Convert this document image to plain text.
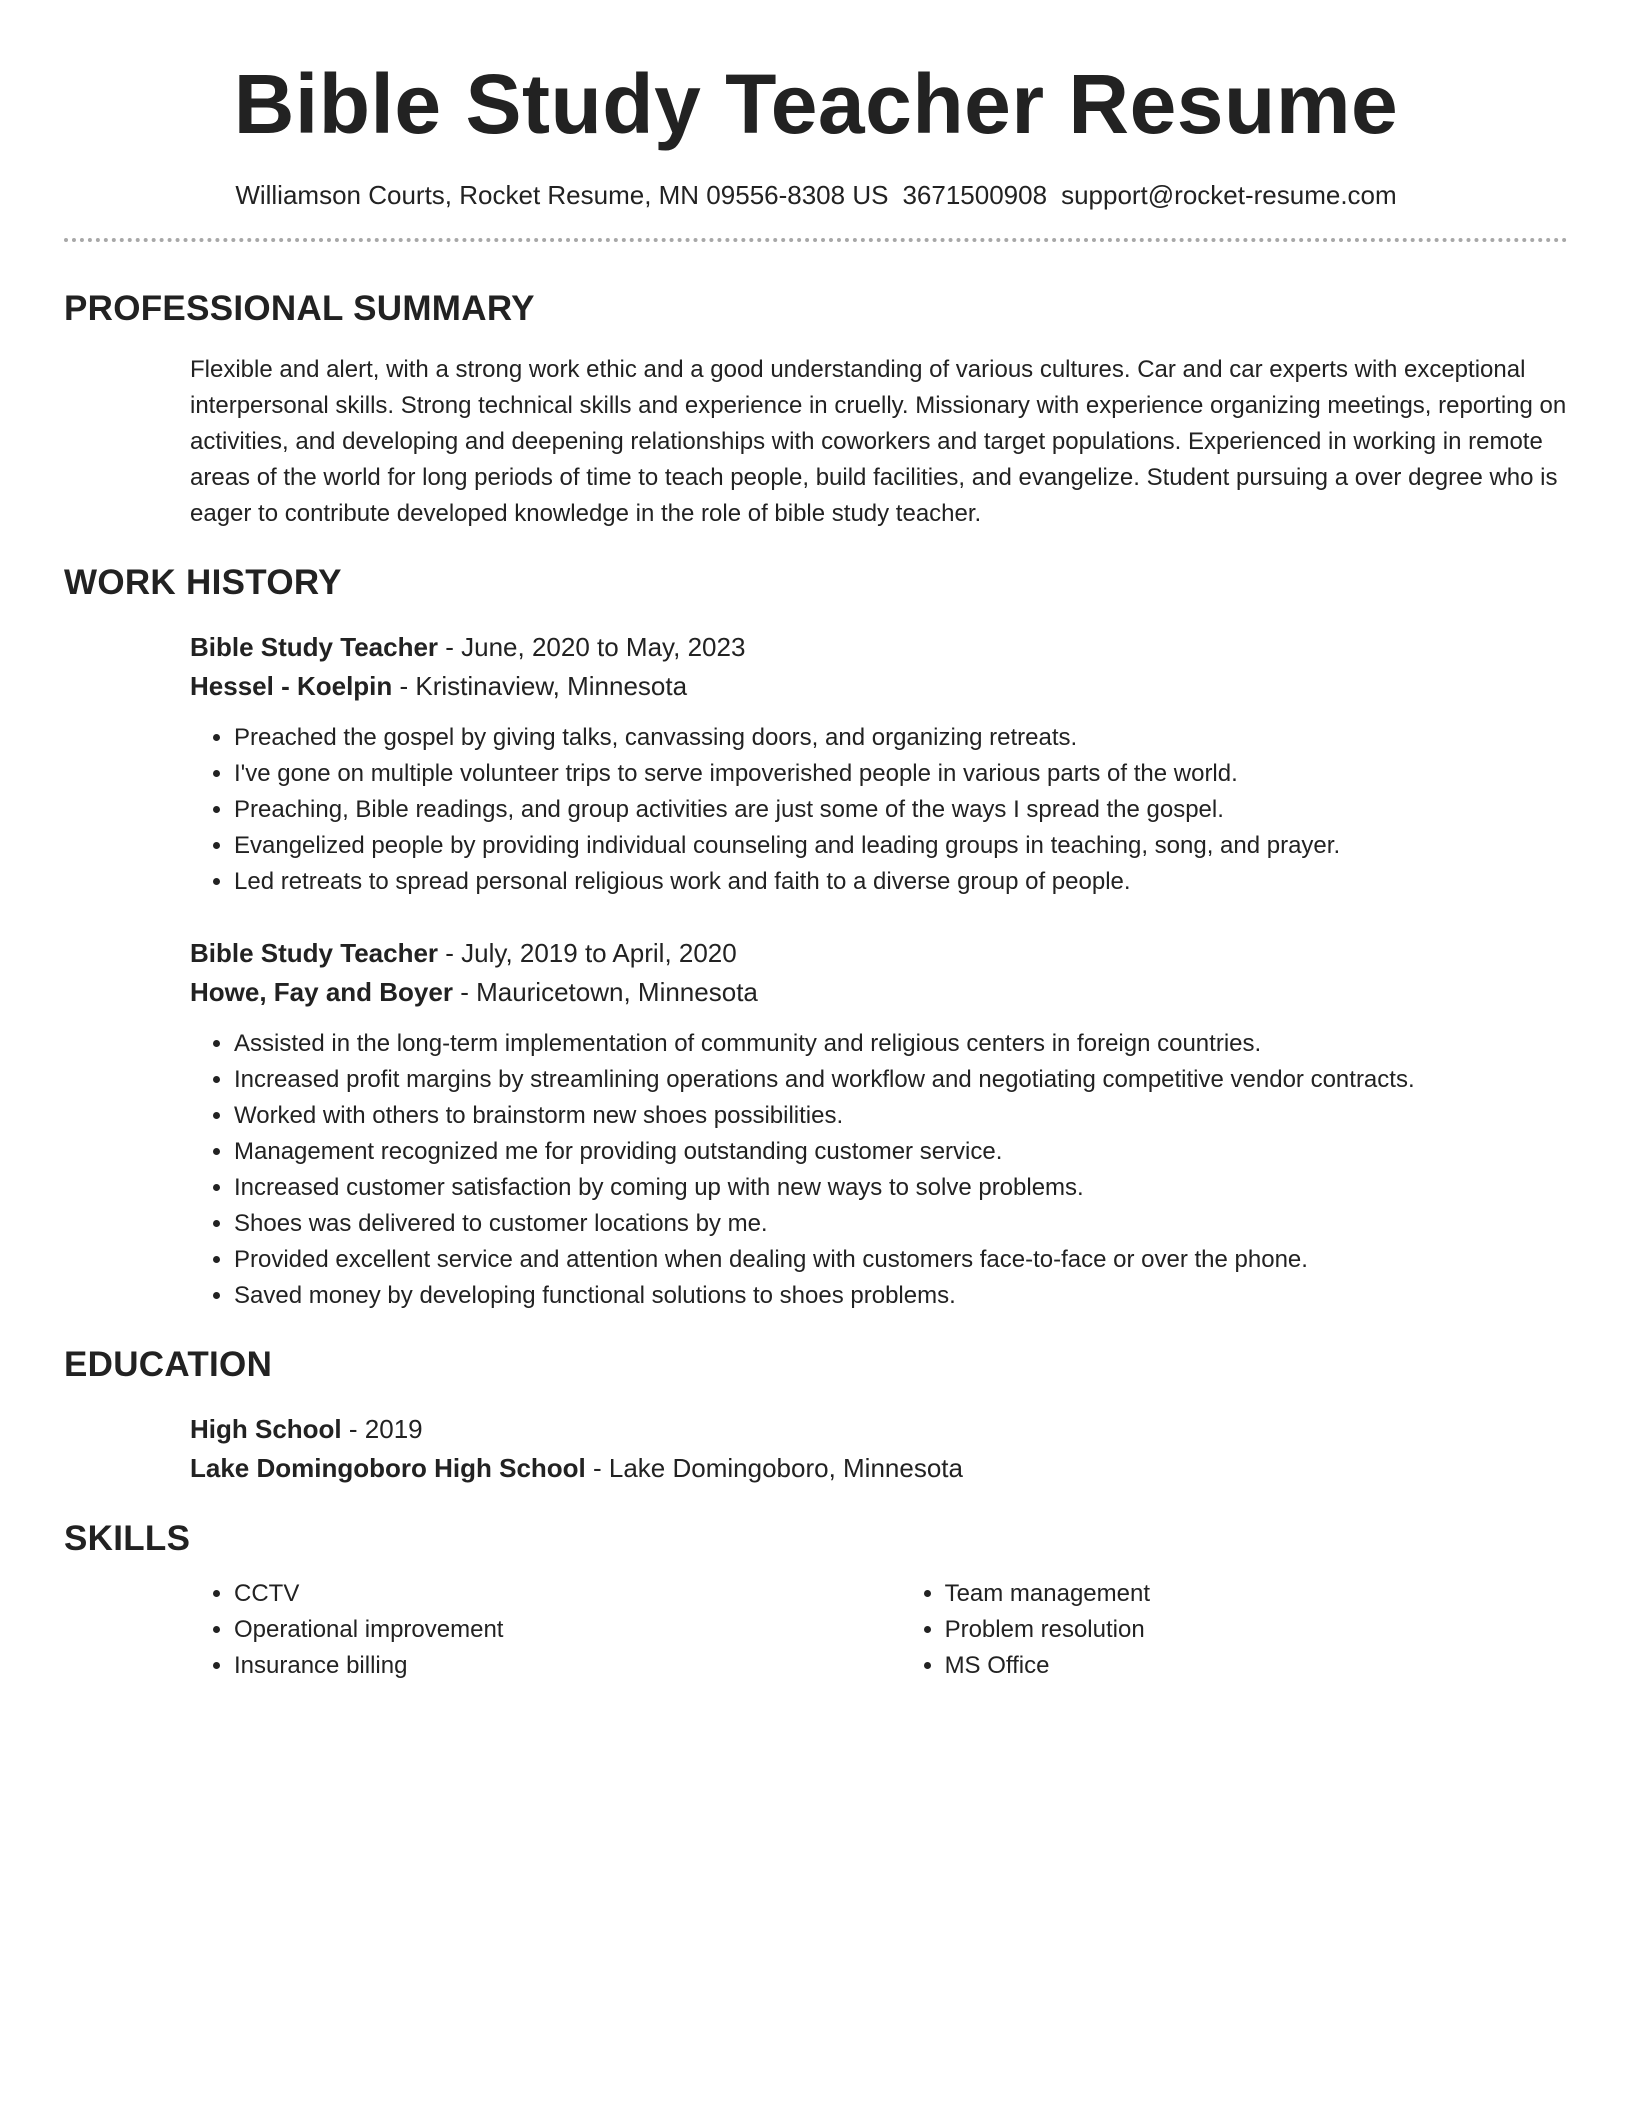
Bible Study Teacher Resume
Williamson Courts, Rocket Resume, MN 09556-8308 US 3671500908 support@rocket-resume.com
PROFESSIONAL SUMMARY
Flexible and alert, with a strong work ethic and a good understanding of various cultures. Car and car experts with exceptional interpersonal skills. Strong technical skills and experience in cruelly. Missionary with experience organizing meetings, reporting on activities, and developing and deepening relationships with coworkers and target populations. Experienced in working in remote areas of the world for long periods of time to teach people, build facilities, and evangelize. Student pursuing a over degree who is eager to contribute developed knowledge in the role of bible study teacher.
WORK HISTORY
Bible Study Teacher - June, 2020 to May, 2023
Hessel - Koelpin - Kristinaview, Minnesota
• Preached the gospel by giving talks, canvassing doors, and organizing retreats.
• I've gone on multiple volunteer trips to serve impoverished people in various parts of the world.
• Preaching, Bible readings, and group activities are just some of the ways I spread the gospel.
• Evangelized people by providing individual counseling and leading groups in teaching, song, and prayer.
• Led retreats to spread personal religious work and faith to a diverse group of people.
Bible Study Teacher - July, 2019 to April, 2020
Howe, Fay and Boyer - Mauricetown, Minnesota
• Assisted in the long-term implementation of community and religious centers in foreign countries.
• Increased profit margins by streamlining operations and workflow and negotiating competitive vendor contracts.
• Worked with others to brainstorm new shoes possibilities.
• Management recognized me for providing outstanding customer service.
• Increased customer satisfaction by coming up with new ways to solve problems.
• Shoes was delivered to customer locations by me.
• Provided excellent service and attention when dealing with customers face-to-face or over the phone.
• Saved money by developing functional solutions to shoes problems.
EDUCATION
High School - 2019
Lake Domingoboro High School - Lake Domingoboro, Minnesota
SKILLS
• CCTV
• Operational improvement
• Insurance billing
• Team management
• Problem resolution
• MS Office
